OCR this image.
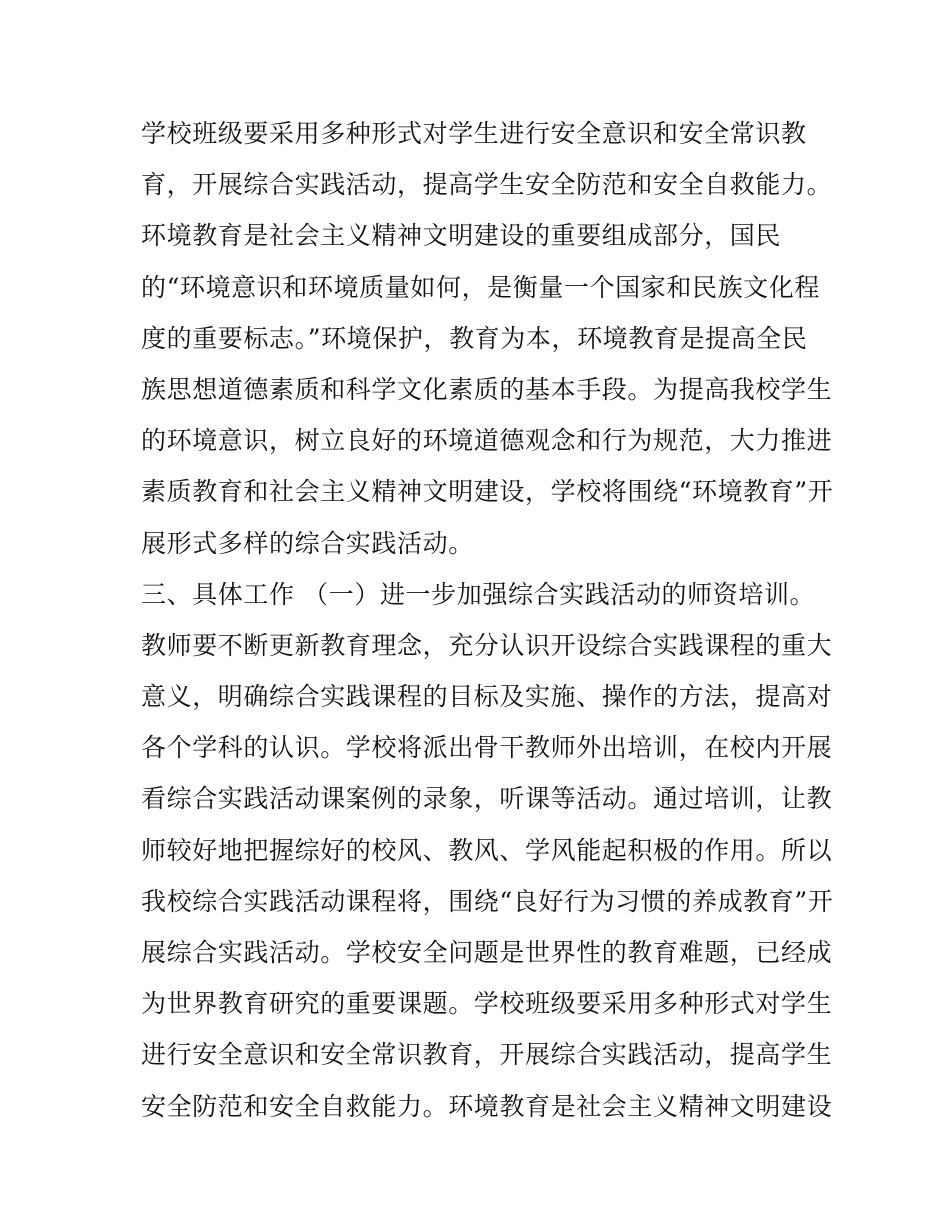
学校班级要采用多种形式对学生进行安全意识和安全常识教
育，开展综合实践活动，提高学生安全防范和安全自救能力。
环境教育是社会主义精神文明建设的重要组成部分，国民
的“环境意识和环境质量如何，是衡量一个国家和民族文化程
度的重要标志。”环境保护，教育为本，环境教育是提高全民
族思想道德素质和科学文化素质的基本手段。为提高我校学生
的环境意识，树立良好的环境道德观念和行为规范，大力推进
素质教育和社会主义精神文明建设，学校将围绕“环境教育”开
展形式多样的综合实践活动。
三、具体工作 （一）进一步加强综合实践活动的师资培训。
教师要不断更新教育理念，充分认识开设综合实践课程的重大
意义，明确综合实践课程的目标及实施、操作的方法，提高对
各个学科的认识。学校将派出骨干教师外出培训，在校内开展
看综合实践活动课案例的录象，听课等活动。通过培训，让教
师较好地把握综好的校风、教风、学风能起积极的作用。所以
我校综合实践活动课程将，围绕“良好行为习惯的养成教育”开
展综合实践活动。学校安全问题是世界性的教育难题，已经成
为世界教育研究的重要课题。学校班级要采用多种形式对学生
进行安全意识和安全常识教育，开展综合实践活动，提高学生
安全防范和安全自救能力。环境教育是社会主义精神文明建设
